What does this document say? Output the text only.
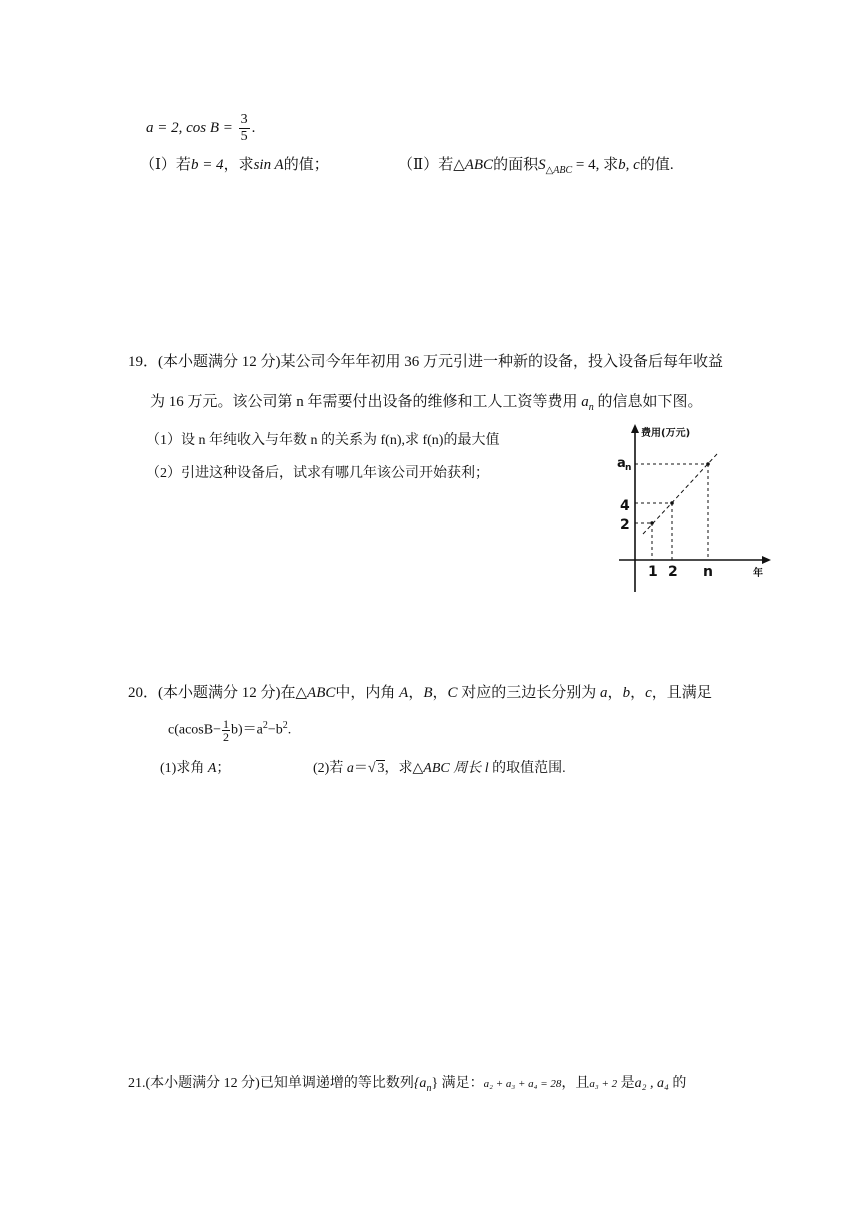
a = 2, $\cos B = \frac{3}{5}$ .
（Ⅰ）若b = 4，求sin A的值；	（Ⅱ）若△ABC的面积$S_{\triangle ABC} = 4$, 求b, c的值.
19．(本小题满分 12 分)某公司今年年初用 36 万元引进一种新的设备，投入设备后每年收益
为 16 万元。该公司第 n 年需要付出设备的维修和工人工资等费用 $a_n$ 的信息如下图。
（1）设 n 年纯收入与年数 n 的关系为 f(n),求 f(n)的最大值
（2）引进这种设备后，试求有哪几年该公司开始获利；
费用(万元)
年
a n
4
2
1 2 n
20．(本小题满分 12 分)在△ABC中，内角 A，B，C 对应的三边长分别为 a，b，c，且满足
$c(acosB- \frac{1}{2} b)=a^2-b^2$.
(1)求角 A；	(2)若 a＝√ 3，求△ABC 周长 l 的取值范围.
21.(本小题满分 12 分)已知单调递增的等比数列$\{a_n\}$ 满足：a₂ + a₃ + a₄ = 28，且a₃ + 2 是a₂ , a₄ 的
